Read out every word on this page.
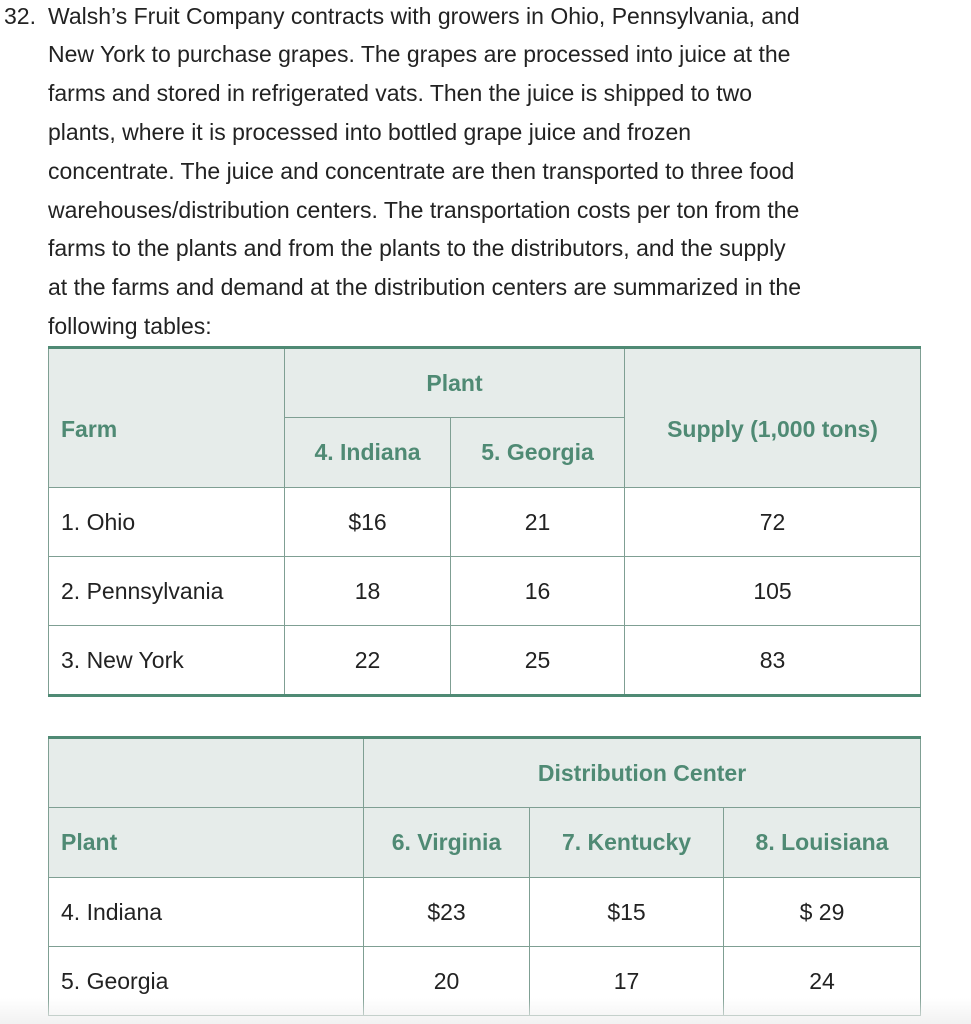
32. Walsh’s Fruit Company contracts with growers in Ohio, Pennsylvania, and
New York to purchase grapes. The grapes are processed into juice at the
farms and stored in refrigerated vats. Then the juice is shipped to two
plants, where it is processed into bottled grape juice and frozen
concentrate. The juice and concentrate are then transported to three food
warehouses/distribution centers. The transportation costs per ton from the
farms to the plants and from the plants to the distributors, and the supply
at the farms and demand at the distribution centers are summarized in the
following tables:
Farm	Plant		Supply (1,000 tons)
	4. Indiana	5. Georgia	
1. Ohio	$16	21	72
2. Pennsylvania	18	16	105
3. New York	22	25	83
	Distribution Center		
Plant	6. Virginia	7. Kentucky	8. Louisiana
4. Indiana	$23	$15	$ 29
5. Georgia	20	17	24
